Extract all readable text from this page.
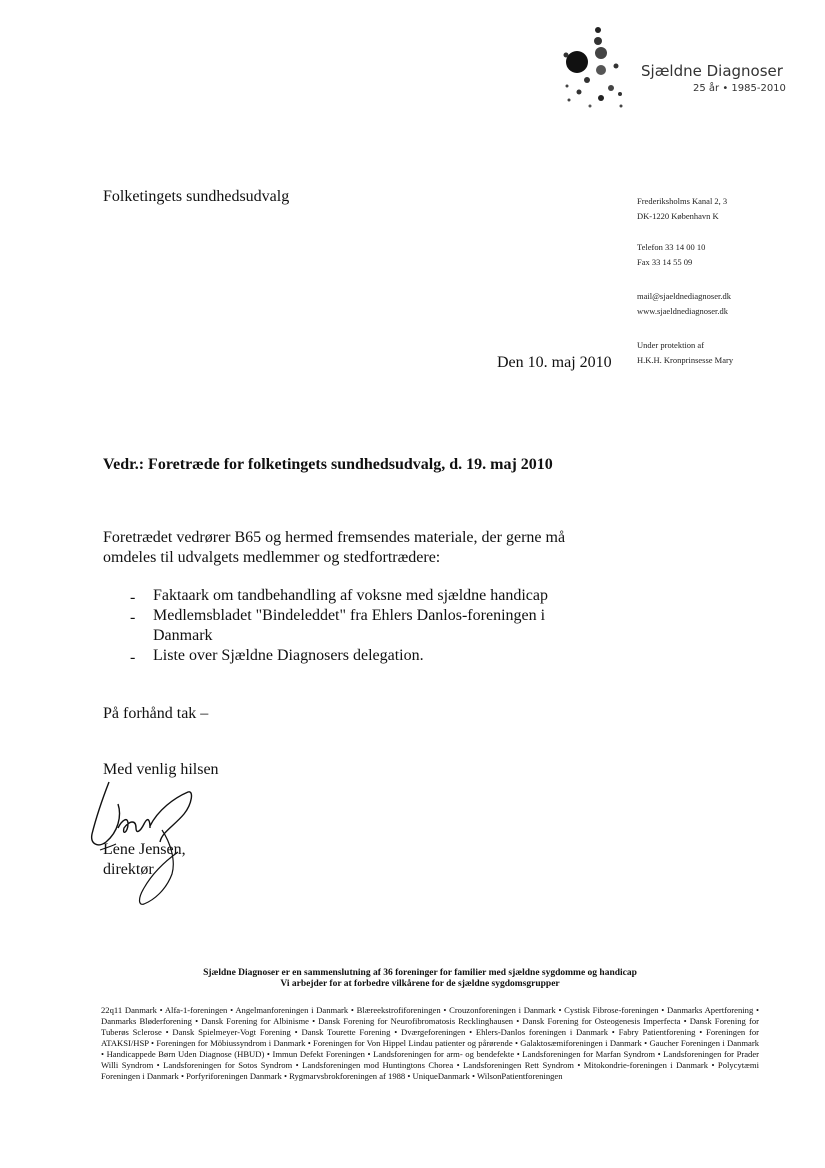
Sjældne Diagnoser
25 år • 1985-2010
Folketingets sundhedsudvalg	Frederiksholms Kanal 2, 3
DK-1220 København K
Telefon 33 14 00 10
Fax 33 14 55 09
mail@sjaeldnediagnoser.dk
www.sjaeldnediagnoser.dk
Under protektion af
H.K.H. Kronprinsesse Mary
Den 10. maj 2010
Vedr.: Foretræde for folketingets sundhedsudvalg, d. 19. maj 2010
Foretrædet vedrører B65 og hermed fremsendes materiale, der gerne må omdeles til udvalgets medlemmer og stedfortrædere:
- Faktaark om tandbehandling af voksne med sjældne handicap
- Medlemsbladet "Bindeleddet" fra Ehlers Danlos-foreningen i Danmark
- Liste over Sjældne Diagnosers delegation.
På forhånd tak –
Med venlig hilsen
Lene Jensen,
direktør
Sjældne Diagnoser er en sammenslutning af 36 foreninger for familier med sjældne sygdomme og handicap
Vi arbejder for at forbedre vilkårene for de sjældne sygdomsgrupper
22q11 Danmark • Alfa-1-foreningen • Angelmanforeningen i Danmark • Blæreekstrofiforeningen • Crouzonforeningen i Danmark • Cystisk Fibrose-foreningen • Danmarks Apertforening • Danmarks Bløderforening • Dansk Forening for Albinisme • Dansk Forening for Neurofibromatosis Recklinghausen • Dansk Forening for Osteogenesis Imperfecta • Dansk Forening for Tuberøs Sclerose • Dansk Spielmeyer-Vogt Forening • Dansk Tourette Forening • Dværgeforeningen • Ehlers-Danlos foreningen i Danmark • Fabry Patientforening • Foreningen for ATAKSI/HSP • Foreningen for Möbiussyndrom i Danmark • Foreningen for Von Hippel Lindau patienter og pårørende • Galaktosæmiforeningen i Danmark • Gaucher Foreningen i Danmark • Handicappede Børn Uden Diagnose (HBUD) • Immun Defekt Foreningen • Landsforeningen for arm- og bendefekte • Landsforeningen for Marfan Syndrom • Landsforeningen for Prader Willi Syndrom • Landsforeningen for Sotos Syndrom • Landsforeningen mod Huntingtons Chorea • Landsforeningen Rett Syndrom • Mitokondrie-foreningen i Danmark • Polycytæmi Foreningen i Danmark • Porfyriforeningen Danmark • Rygmarvsbrokforeningen af 1988 • UniqueDanmark • WilsonPatientforeningen
